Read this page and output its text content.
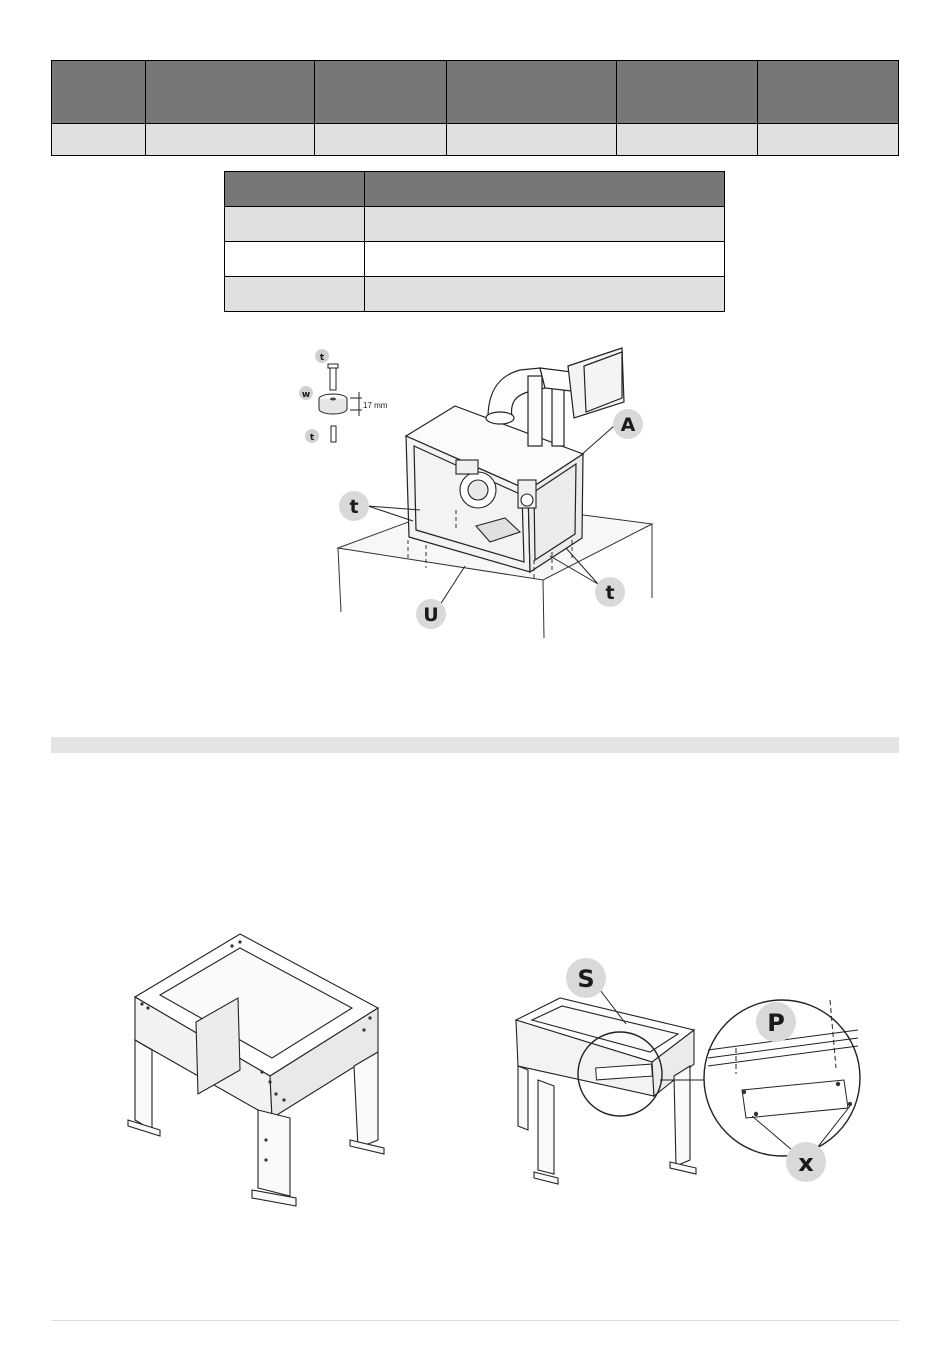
A
t
t
U
t
w
17 mm
t
S
P
x
